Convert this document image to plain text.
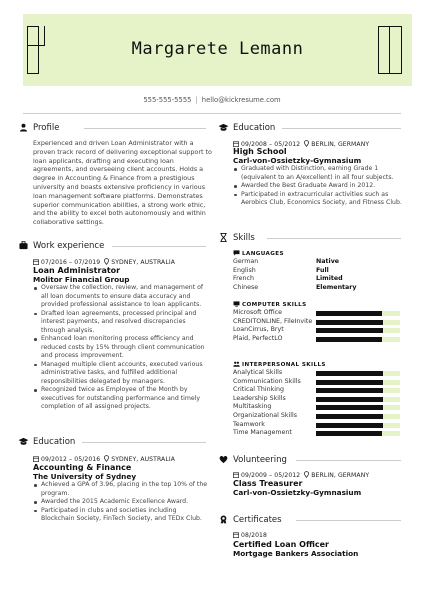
Margarete Lemann
555-555-5555 | hello@kickresume.com
Profile
Experienced and driven Loan Administrator with a proven track record of delivering exceptional support to loan applicants, drafting and executing loan agreements, and overseeing client accounts. Holds a degree in Accounting & Finance from a prestigious university and boasts extensive proficiency in various loan management software platforms. Demonstrates superior communication abilities, a strong work ethic, and the ability to excel both autonomously and within collaborative settings.
Work experience
07/2016 – 07/2019 SYDNEY, AUSTRALIA
Loan Administrator
Molitor Financial Group
Oversaw the collection, review, and management of all loan documents to ensure data accuracy and provided professional assistance to loan applicants.
Drafted loan agreements, processed principal and interest payments, and resolved discrepancies through analysis.
Enhanced loan monitoring process efficiency and reduced costs by 15% through client communication and process improvement.
Managed multiple client accounts, executed various administrative tasks, and fulfilled additional responsibilities delegated by managers.
Recognized twice as Employee of the Month by executives for outstanding performance and timely completion of all assigned projects.
Education
09/2012 – 05/2016 SYDNEY, AUSTRALIA
Accounting & Finance
The University of Sydney
Achieved a GPA of 3.96, placing in the top 10% of the program.
Awarded the 2015 Academic Excellence Award.
Participated in clubs and societies including Blockchain Society, FinTech Society, and TEDx Club.
Education
09/2008 – 05/2012 BERLIN, GERMANY
High School
Carl-von-Ossietzky-Gymnasium
Graduated with Distinction, earning Grade 1 (equivalent to an A/excellent) in all four subjects.
Awarded the Best Graduate Award in 2012.
Participated in extracurricular activities such as Aerobics Club, Economics Society, and Fitness Club.
Skills
LANGUAGES
German	Native
English	Full
French	Limited
Chinese	Elementary
COMPUTER SKILLS
Microsoft Office
CREDITONLINE, FileInvite
LoanCirrus, Bryt
Plaid, PerfectLO
INTERPERSONAL SKILLS
Analytical Skills
Communication Skills
Critical Thinking
Leadership Skills
Multitasking
Organizational Skills
Teamwork
Time Management
Volunteering
09/2009 – 05/2012 BERLIN, GERMANY
Class Treasurer
Carl-von-Ossietzky-Gymnasium
Certificates
08/2018
Certified Loan Officer
Mortgage Bankers Association
